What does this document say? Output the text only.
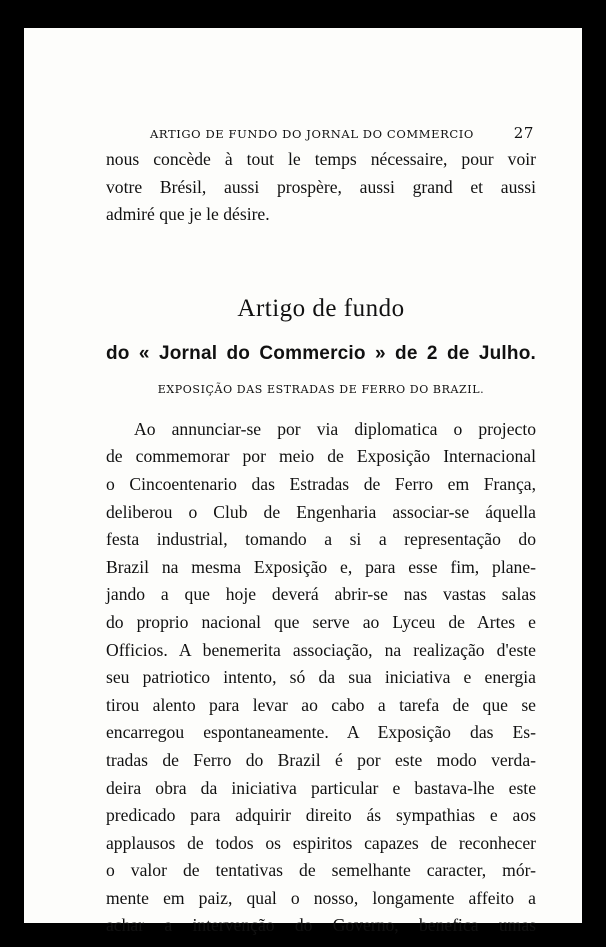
ARTIGO DE FUNDO DO JORNAL DO COMMERCIO	27
nous concède à tout le temps nécessaire, pour voir
votre Brésil, aussi prospère, aussi grand et aussi
admiré que je le désire.
Artigo de fundo
do « Jornal do Commercio » de 2 de Julho.
EXPOSIÇÃO DAS ESTRADAS DE FERRO DO BRAZIL.
Ao annunciar-se por via diplomatica o projecto
de commemorar por meio de Exposição Internacional
o Cincoentenario das Estradas de Ferro em França,
deliberou o Club de Engenharia associar-se áquella
festa industrial, tomando a si a representação do
Brazil na mesma Exposição e, para esse fim, plane-
jando a que hoje deverá abrir-se nas vastas salas
do proprio nacional que serve ao Lyceu de Artes e
Officios. A benemerita associação, na realização d'este
seu patriotico intento, só da sua iniciativa e energia
tirou alento para levar ao cabo a tarefa de que se
encarregou espontaneamente. A Exposição das Es-
tradas de Ferro do Brazil é por este modo verda-
deira obra da iniciativa particular e bastava-lhe este
predicado para adquirir direito ás sympathias e aos
applausos de todos os espiritos capazes de reconhecer
o valor de tentativas de semelhante caracter, mór-
mente em paiz, qual o nosso, longamente affeito a
achar a intervenção do Governo, benefica umas
